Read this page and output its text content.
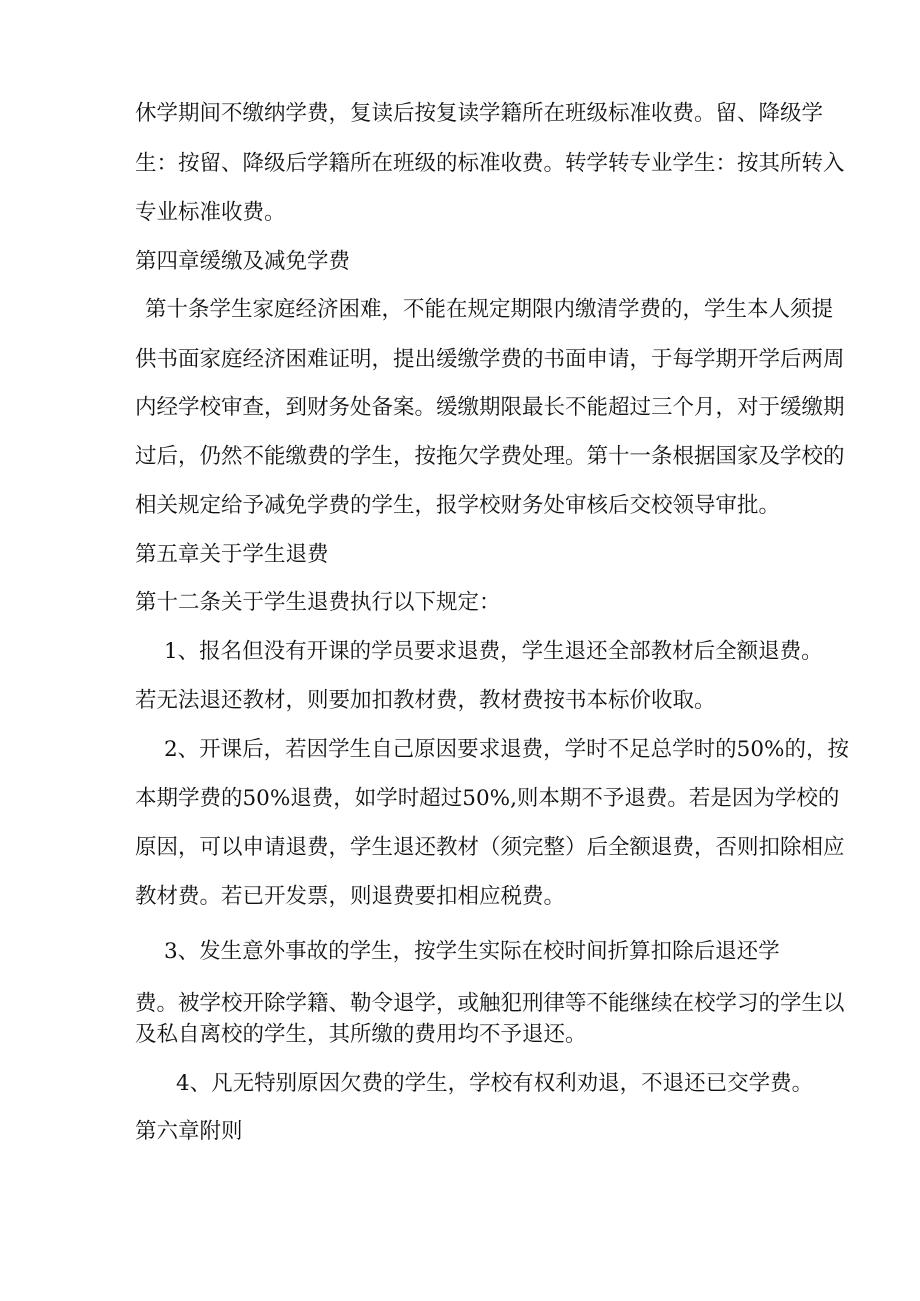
休学期间不缴纳学费，复读后按复读学籍所在班级标准收费。留、降级学
生：按留、降级后学籍所在班级的标准收费。转学转专业学生：按其所转入
专业标准收费。
第四章缓缴及减免学费
第十条学生家庭经济困难，不能在规定期限内缴清学费的，学生本人须提
供书面家庭经济困难证明，提出缓缴学费的书面申请，于每学期开学后两周
内经学校审查，到财务处备案。缓缴期限最长不能超过三个月，对于缓缴期
过后，仍然不能缴费的学生，按拖欠学费处理。第十一条根据国家及学校的
相关规定给予减免学费的学生，报学校财务处审核后交校领导审批。
第五章关于学生退费
第十二条关于学生退费执行以下规定：
1、报名但没有开课的学员要求退费，学生退还全部教材后全额退费。
若无法退还教材，则要加扣教材费，教材费按书本标价收取。
2、开课后，若因学生自己原因要求退费，学时不足总学时的50%的，按
本期学费的50%退费，如学时超过50%,则本期不予退费。若是因为学校的
原因，可以申请退费，学生退还教材（须完整）后全额退费，否则扣除相应
教材费。若已开发票，则退费要扣相应税费。
3、发生意外事故的学生，按学生实际在校时间折算扣除后退还学
费。被学校开除学籍、勒令退学，或触犯刑律等不能继续在校学习的学生以
及私自离校的学生，其所缴的费用均不予退还。
4、凡无特别原因欠费的学生，学校有权利劝退，不退还已交学费。
第六章附则
